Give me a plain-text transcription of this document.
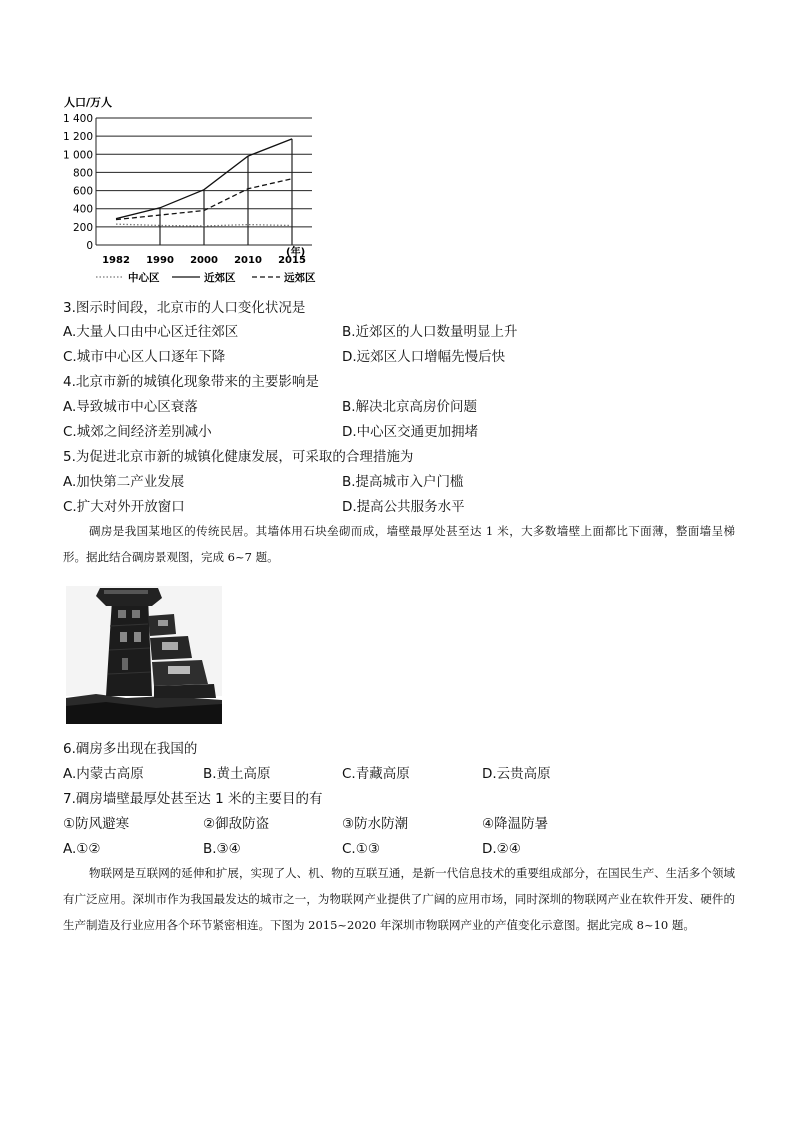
人口/万人
0
200
400
600
800
1 000
1 200
1 400
1982 1990 2000 2010 2015
(年)
中心区	近郊区	远郊区
3.图示时间段，北京市的人口变化状况是
A.大量人口由中心区迁往郊区	B.近郊区的人口数量明显上升
C.城市中心区人口逐年下降	D.远郊区人口增幅先慢后快
4.北京市新的城镇化现象带来的主要影响是
A.导致城市中心区衰落	B.解决北京高房价问题
C.城郊之间经济差别减小	D.中心区交通更加拥堵
5.为促进北京市新的城镇化健康发展，可采取的合理措施为
A.加快第二产业发展	B.提高城市入户门槛
C.扩大对外开放窗口	D.提高公共服务水平

碉房是我国某地区的传统民居。其墙体用石块垒砌而成，墙壁最厚处甚至达 1 米，大多数墙壁上面都比下面薄，整面墙呈梯形。据此结合碉房景观图，完成 6~7 题。

6.碉房多出现在我国的
A.内蒙古高原	B.黄土高原	C.青藏高原	D.云贵高原
7.碉房墙壁最厚处甚至达 1 米的主要目的有
①防风避寒	②御敌防盗	③防水防潮	④降温防暑
A.①②	B.③④	C.①③	D.②④

物联网是互联网的延伸和扩展，实现了人、机、物的互联互通，是新一代信息技术的重要组成部分，在国民生产、生活多个领域有广泛应用。深圳市作为我国最发达的城市之一，为物联网产业提供了广阔的应用市场，同时深圳的物联网产业在软件开发、硬件的生产制造及行业应用各个环节紧密相连。下图为 2015~2020 年深圳市物联网产业的产值变化示意图。据此完成 8~10 题。
